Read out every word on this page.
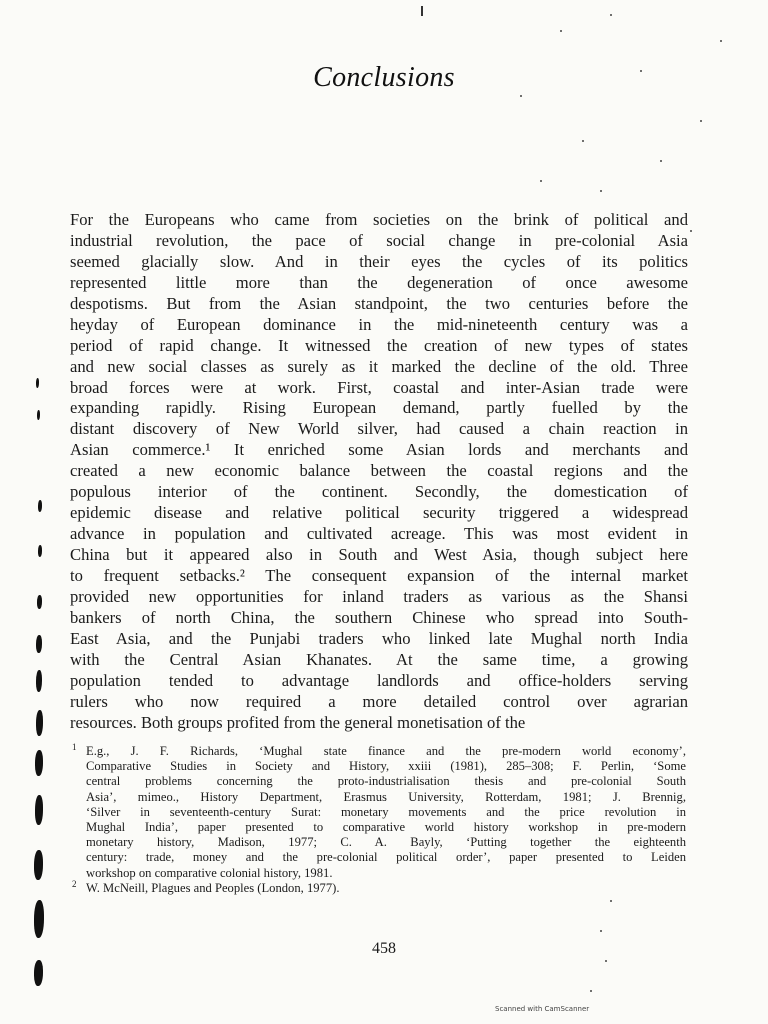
Conclusions
For the Europeans who came from societies on the brink of political and
industrial revolution, the pace of social change in pre-colonial Asia
seemed glacially slow. And in their eyes the cycles of its politics
represented little more than the degeneration of once awesome
despotisms. But from the Asian standpoint, the two centuries before the
heyday of European dominance in the mid-nineteenth century was a
period of rapid change. It witnessed the creation of new types of states
and new social classes as surely as it marked the decline of the old. Three
broad forces were at work. First, coastal and inter-Asian trade were
expanding rapidly. Rising European demand, partly fuelled by the
distant discovery of New World silver, had caused a chain reaction in
Asian commerce.¹ It enriched some Asian lords and merchants and
created a new economic balance between the coastal regions and the
populous interior of the continent. Secondly, the domestication of
epidemic disease and relative political security triggered a widespread
advance in population and cultivated acreage. This was most evident in
China but it appeared also in South and West Asia, though subject here
to frequent setbacks.² The consequent expansion of the internal market
provided new opportunities for inland traders as various as the Shansi
bankers of north China, the southern Chinese who spread into South-
East Asia, and the Punjabi traders who linked late Mughal north India
with the Central Asian Khanates. At the same time, a growing
population tended to advantage landlords and office-holders serving
rulers who now required a more detailed control over agrarian
resources. Both groups profited from the general monetisation of the
1 E.g., J. F. Richards, ‘Mughal state finance and the pre-modern world economy’,
Comparative Studies in Society and History, xxiii (1981), 285–308; F. Perlin, ‘Some
central problems concerning the proto-industrialisation thesis and pre-colonial South
Asia’, mimeo., History Department, Erasmus University, Rotterdam, 1981; J. Brennig,
‘Silver in seventeenth-century Surat: monetary movements and the price revolution in
Mughal India’, paper presented to comparative world history workshop in pre-modern
monetary history, Madison, 1977; C. A. Bayly, ‘Putting together the eighteenth
century: trade, money and the pre-colonial political order’, paper presented to Leiden
workshop on comparative colonial history, 1981.
2 W. McNeill, Plagues and Peoples (London, 1977).
458
Scanned with CamScanner
